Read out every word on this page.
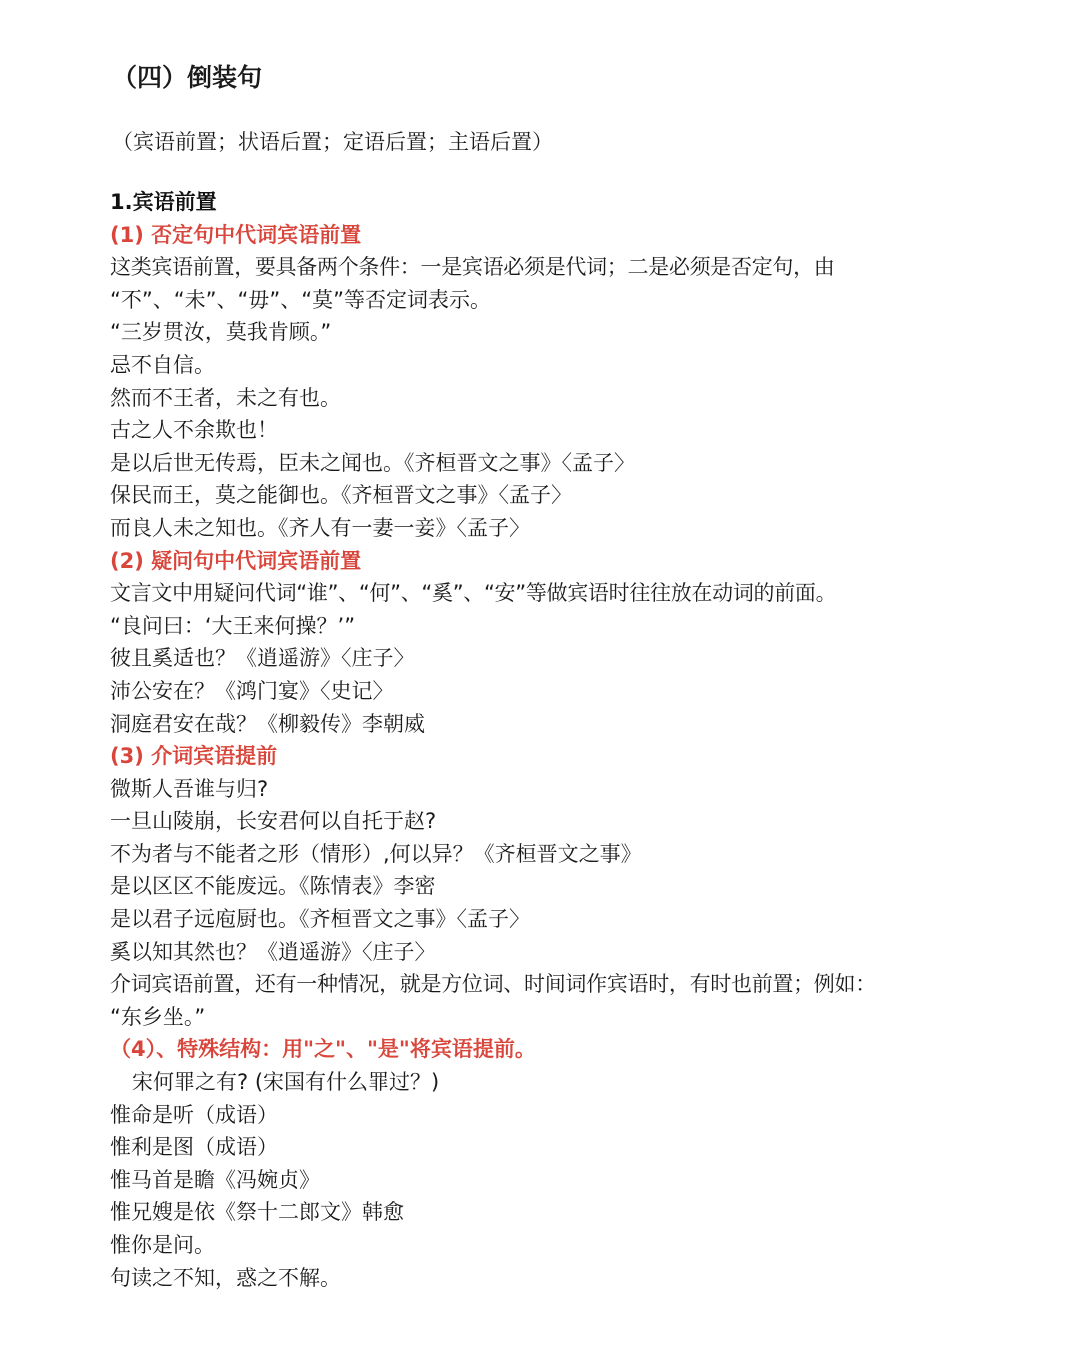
（四）倒装句
（宾语前置；状语后置；定语后置；主语后置）
1.宾语前置
(1) 否定句中代词宾语前置
这类宾语前置，要具备两个条件：一是宾语必须是代词；二是必须是否定句，由
“不”、“未”、“毋”、“莫”等否定词表示。
“三岁贯汝，莫我肯顾。”
忌不自信。
然而不王者，未之有也。
古之人不余欺也！
是以后世无传焉，臣未之闻也。《齐桓晋文之事》〈孟子〉
保民而王，莫之能御也。《齐桓晋文之事》〈孟子〉
而良人未之知也。《齐人有一妻一妾》〈孟子〉
(2) 疑问句中代词宾语前置
文言文中用疑问代词“谁”、“何”、“奚”、“安”等做宾语时往往放在动词的前面。
“良问曰：‘大王来何操？’”
彼且奚适也？《逍遥游》〈庄子〉
沛公安在？《鸿门宴》〈史记〉
洞庭君安在哉？《柳毅传》李朝威
(3) 介词宾语提前
微斯人吾谁与归?
一旦山陵崩，长安君何以自托于赵?
不为者与不能者之形（情形）,何以异？《齐桓晋文之事》
是以区区不能废远。《陈情表》李密
是以君子远庖厨也。《齐桓晋文之事》〈孟子〉
奚以知其然也？《逍遥游》〈庄子〉
介词宾语前置，还有一种情况，就是方位词、时间词作宾语时，有时也前置；例如：
“东乡坐。”
（4）、特殊结构：用"之"、"是"将宾语提前。
宋何罪之有? (宋国有什么罪过？)
惟命是听（成语）
惟利是图（成语）
惟马首是瞻《冯婉贞》
惟兄嫂是依《祭十二郎文》韩愈
惟你是问。
句读之不知，惑之不解。
